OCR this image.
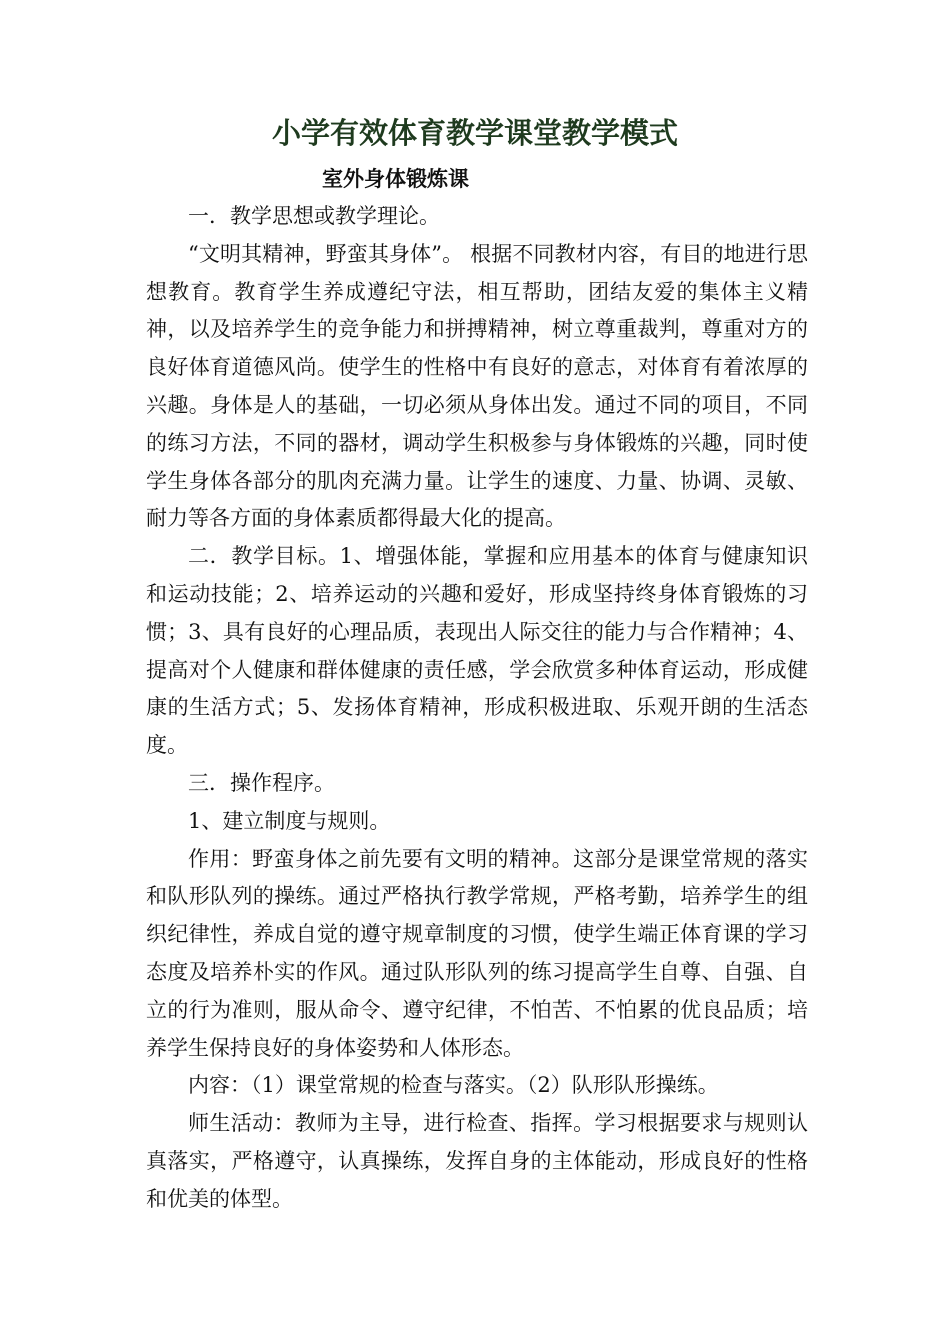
小学有效体育教学课堂教学模式
室外身体锻炼课

一．教学思想或教学理论。

“文明其精神，野蛮其身体”。 根据不同教材内容，有目的地进行思想教育。教育学生养成遵纪守法，相互帮助，团结友爱的集体主义精神，以及培养学生的竞争能力和拼搏精神，树立尊重裁判，尊重对方的良好体育道德风尚。使学生的性格中有良好的意志，对体育有着浓厚的兴趣。身体是人的基础，一切必须从身体出发。通过不同的项目，不同的练习方法，不同的器材，调动学生积极参与身体锻炼的兴趣，同时使学生身体各部分的肌肉充满力量。让学生的速度、力量、协调、灵敏、耐力等各方面的身体素质都得最大化的提高。

二．教学目标。1、增强体能，掌握和应用基本的体育与健康知识和运动技能；2、培养运动的兴趣和爱好，形成坚持终身体育锻炼的习惯；3、具有良好的心理品质，表现出人际交往的能力与合作精神；4、提高对个人健康和群体健康的责任感，学会欣赏多种体育运动，形成健康的生活方式；5、发扬体育精神，形成积极进取、乐观开朗的生活态度。

三．操作程序。

1、建立制度与规则。

作用：野蛮身体之前先要有文明的精神。这部分是课堂常规的落实和队形队列的操练。通过严格执行教学常规，严格考勤，培养学生的组织纪律性，养成自觉的遵守规章制度的习惯，使学生端正体育课的学习态度及培养朴实的作风。通过队形队列的练习提高学生自尊、自强、自立的行为准则，服从命令、遵守纪律，不怕苦、不怕累的优良品质；培养学生保持良好的身体姿势和人体形态。

内容：（1）课堂常规的检查与落实。（2）队形队形操练。

师生活动：教师为主导，进行检查、指挥。学习根据要求与规则认真落实，严格遵守，认真操练，发挥自身的主体能动，形成良好的性格和优美的体型。
